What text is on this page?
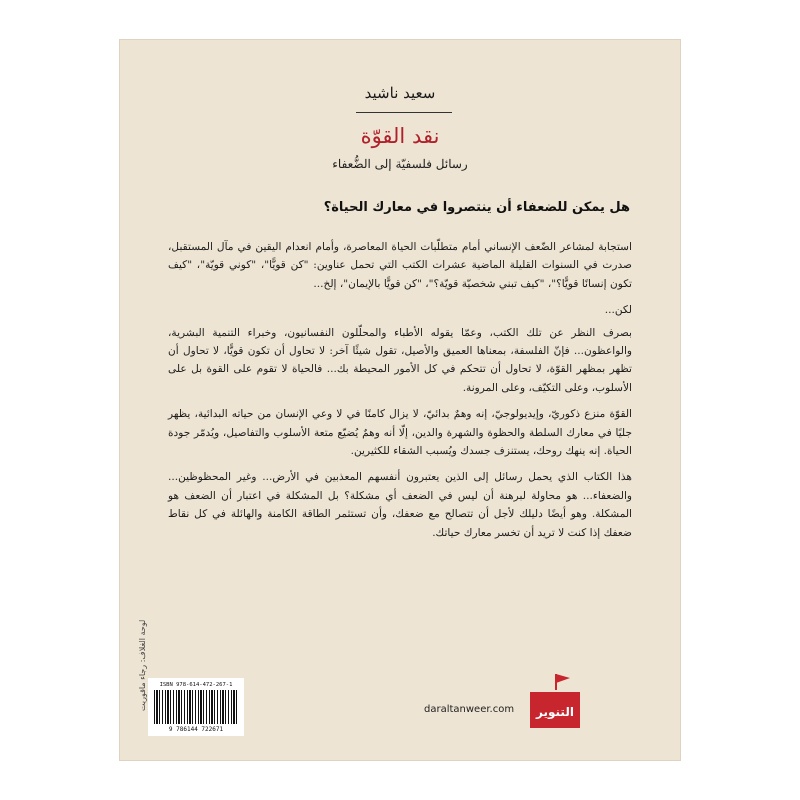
سعيد ناشيد
نقد القوّة
رسائل فلسفيّة إلى الضُّعفاء
هل يمكن للضعفاء أن ينتصروا في معارك الحياة؟

استجابة لمشاعر الضّعف الإنساني أمام متطلّبات الحياة المعاصرة، وأمام انعدام اليقين في مآل المستقبل، صدرت في السنوات القليلة الماضية عشرات الكتب التي تحمل عناوين: "كن قويًّا"، "كوني قويّة"، "كيف تكون إنسانًا قويًّا؟"، "كيف تبني شخصيّة قويّة؟"، "كن قويًّا بالإيمان"، إلخ...

لكن...

بصرف النظر عن تلك الكتب، وعمّا يقوله الأطباء والمحلّلون النفسانيون، وخبراء التنمية البشرية، والواعظون... فإنّ الفلسفة، بمعناها العميق والأصيل، تقول شيئًا آخر: لا تحاول أن تكون قويًّا، لا تحاول أن تظهر بمظهر القوّة، لا تحاول أن تتحكم في كل الأمور المحيطة بك... فالحياة لا تقوم على القوة بل على الأسلوب، وعلى التكيّف، وعلى المرونة.

القوّة منزع ذكوريّ، وإيديولوجيّ، إنه وهمٌ بدائيّ، لا يزال كامنًا في لا وعي الإنسان من حياته البدائية، يظهر جليًا في معارك السلطة والحظوة والشهرة والدين، إلّا أنه وهمٌ يُضيّع متعة الأسلوب والتفاصيل، ويُدمّر جودة الحياة. إنه ينهك روحك، يستنزف جسدك ويُسبب الشقاء للكثيرين.

هذا الكتاب الذي يحمل رسائل إلى الذين يعتبرون أنفسهم المعذبين في الأرض... وغير المحظوظين... والضعفاء... هو محاولة لبرهنة أن ليس في الضعف أي مشكلة؟ بل المشكلة في اعتبار أن الضعف هو المشكلة. وهو أيضًا دليلك لأجل أن تتصالح مع ضعفك، وأن تستثمر الطاقة الكامنة والهائلة في كل نقاط ضعفك إذا كنت لا تريد أن تخسر معارك حياتك.

لوحة الغلاف: رجاء ماقوريت	ISBN 978-614-472-267-1
9 786144 722671
daraltanweer.com التنوير
